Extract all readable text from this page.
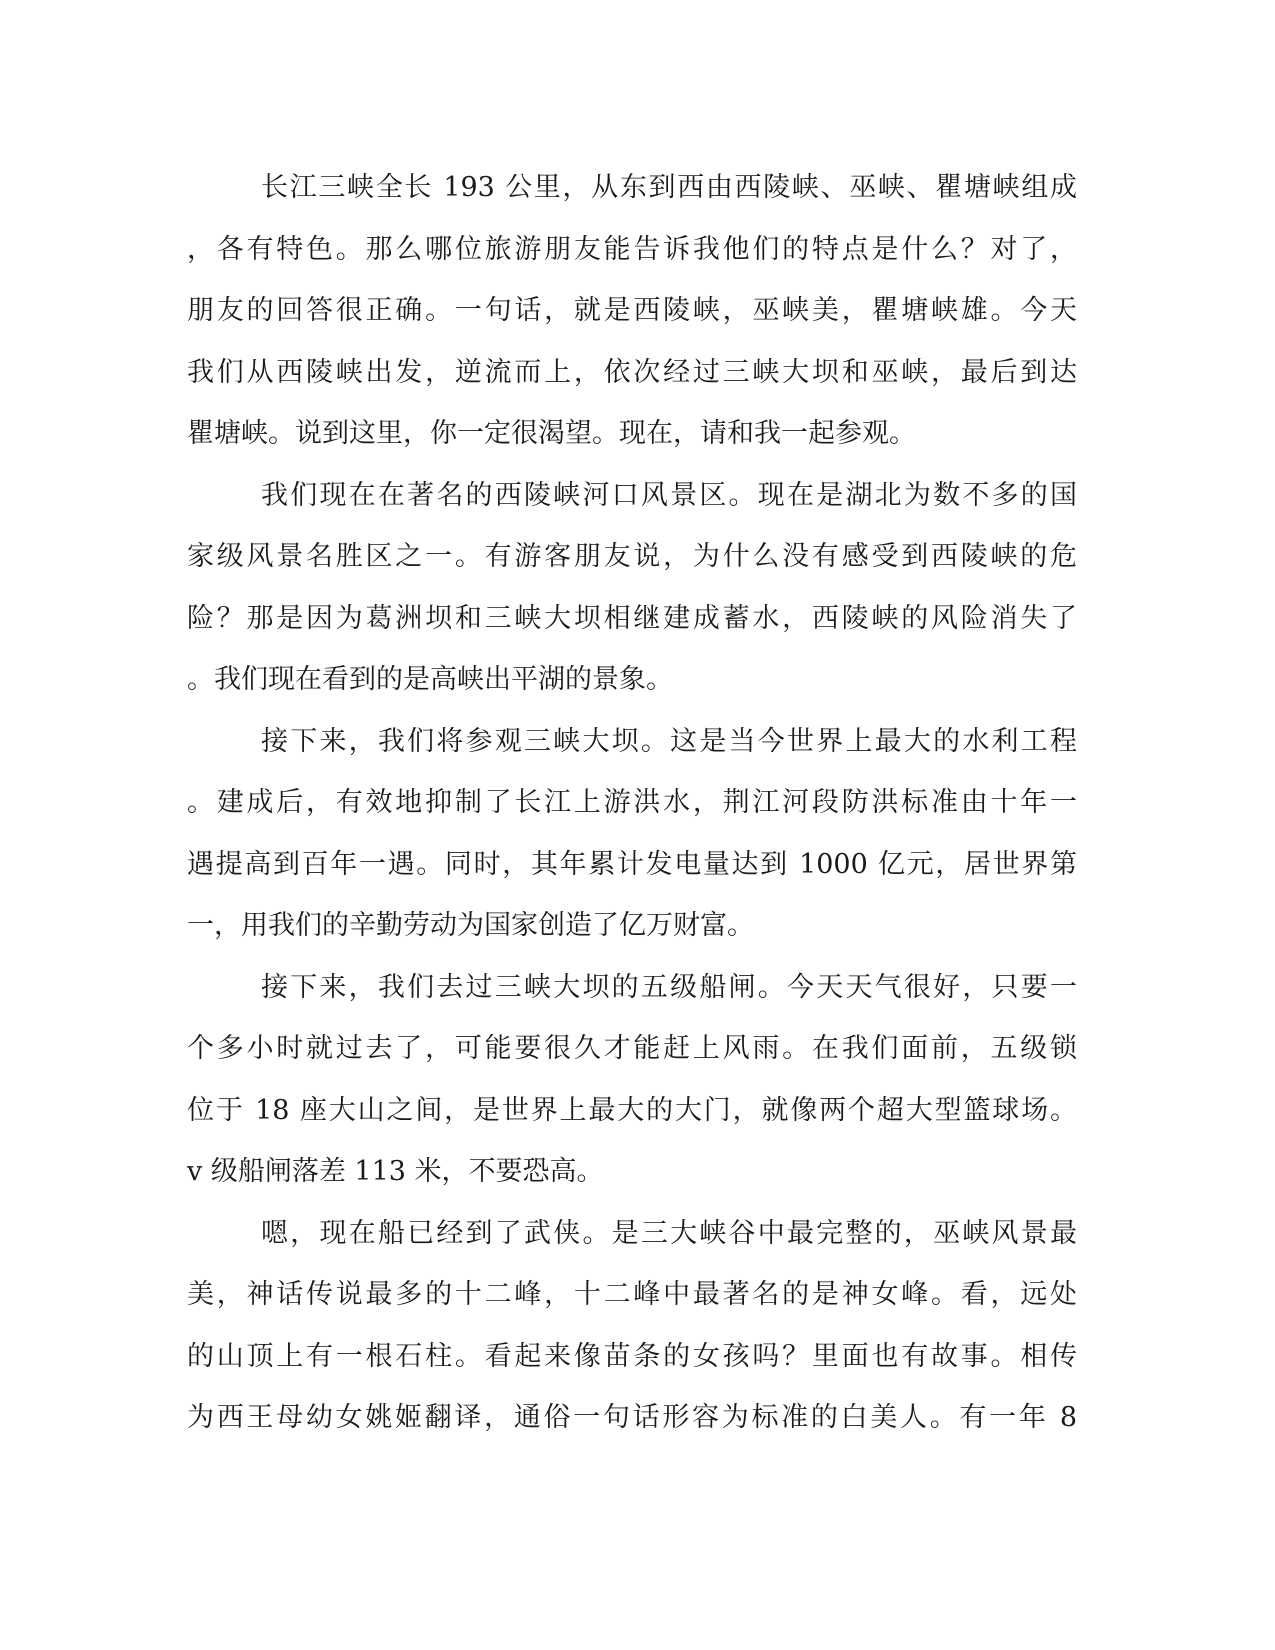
长江三峡全长 193 公里，从东到西由西陵峡、巫峡、瞿塘峡组成
，各有特色。那么哪位旅游朋友能告诉我他们的特点是什么？对了，
朋友的回答很正确。一句话，就是西陵峡，巫峡美，瞿塘峡雄。今天
我们从西陵峡出发，逆流而上，依次经过三峡大坝和巫峡，最后到达
瞿塘峡。说到这里，你一定很渴望。现在，请和我一起参观。
我们现在在著名的西陵峡河口风景区。现在是湖北为数不多的国
家级风景名胜区之一。有游客朋友说，为什么没有感受到西陵峡的危
险？那是因为葛洲坝和三峡大坝相继建成蓄水，西陵峡的风险消失了
。我们现在看到的是高峡出平湖的景象。
接下来，我们将参观三峡大坝。这是当今世界上最大的水利工程
。建成后，有效地抑制了长江上游洪水，荆江河段防洪标准由十年一
遇提高到百年一遇。同时，其年累计发电量达到 1000 亿元，居世界第
一，用我们的辛勤劳动为国家创造了亿万财富。
接下来，我们去过三峡大坝的五级船闸。今天天气很好，只要一
个多小时就过去了，可能要很久才能赶上风雨。在我们面前，五级锁
位于 18 座大山之间，是世界上最大的大门，就像两个超大型篮球场。
v 级船闸落差 113 米，不要恐高。
嗯，现在船已经到了武侠。是三大峡谷中最完整的，巫峡风景最
美，神话传说最多的十二峰，十二峰中最著名的是神女峰。看，远处
的山顶上有一根石柱。看起来像苗条的女孩吗？里面也有故事。相传
为西王母幼女姚姬翻译，通俗一句话形容为标准的白美人。有一年 8
